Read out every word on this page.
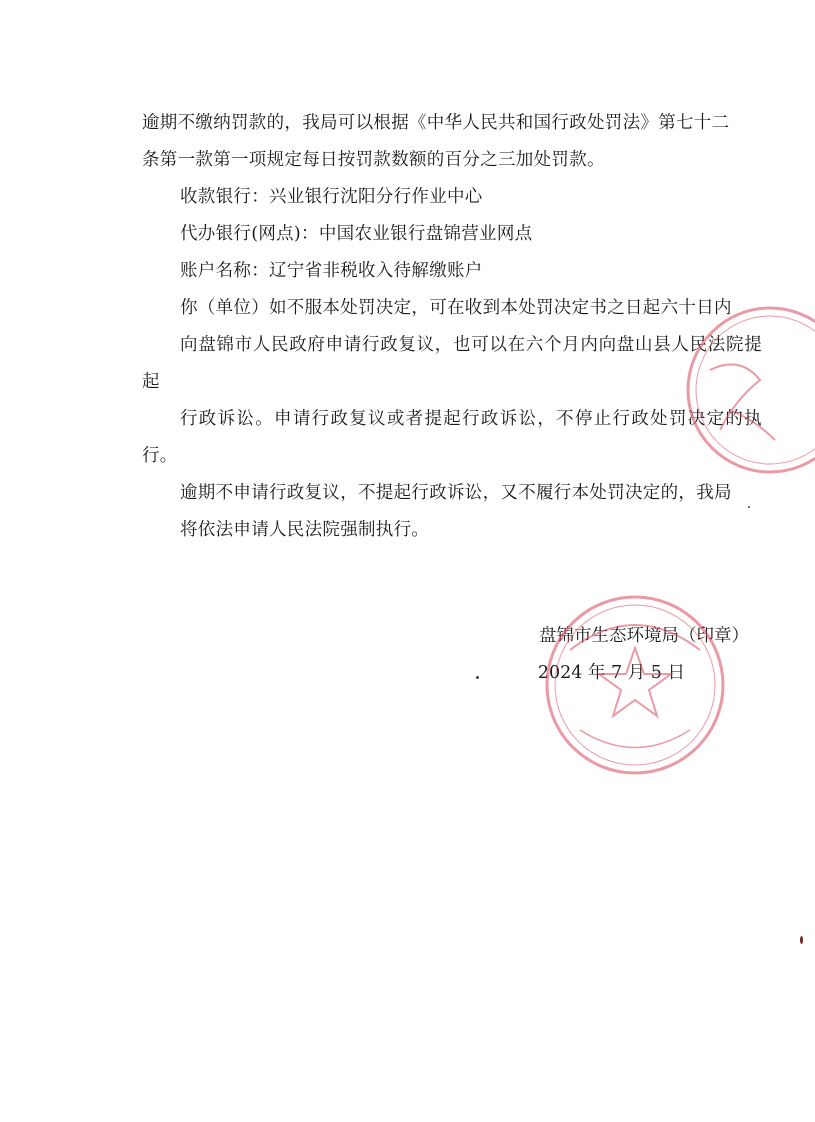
逾期不缴纳罚款的，我局可以根据《中华人民共和国行政处罚法》第七十二
条第一款第一项规定每日按罚款数额的百分之三加处罚款。

收款银行：兴业银行沈阳分行作业中心

代办银行(网点)：中国农业银行盘锦营业网点

账户名称：辽宁省非税收入待解缴账户

你（单位）如不服本处罚决定，可在收到本处罚决定书之日起六十日内
向盘锦市人民政府申请行政复议，也可以在六个月内向盘山县人民法院提起
行政诉讼。申请行政复议或者提起行政诉讼，不停止行政处罚决定的执行。

逾期不申请行政复议，不提起行政诉讼，又不履行本处罚决定的，我局
将依法申请人民法院强制执行。

盘锦市生态环境局（印章）
2024 年 7 月 5 日
